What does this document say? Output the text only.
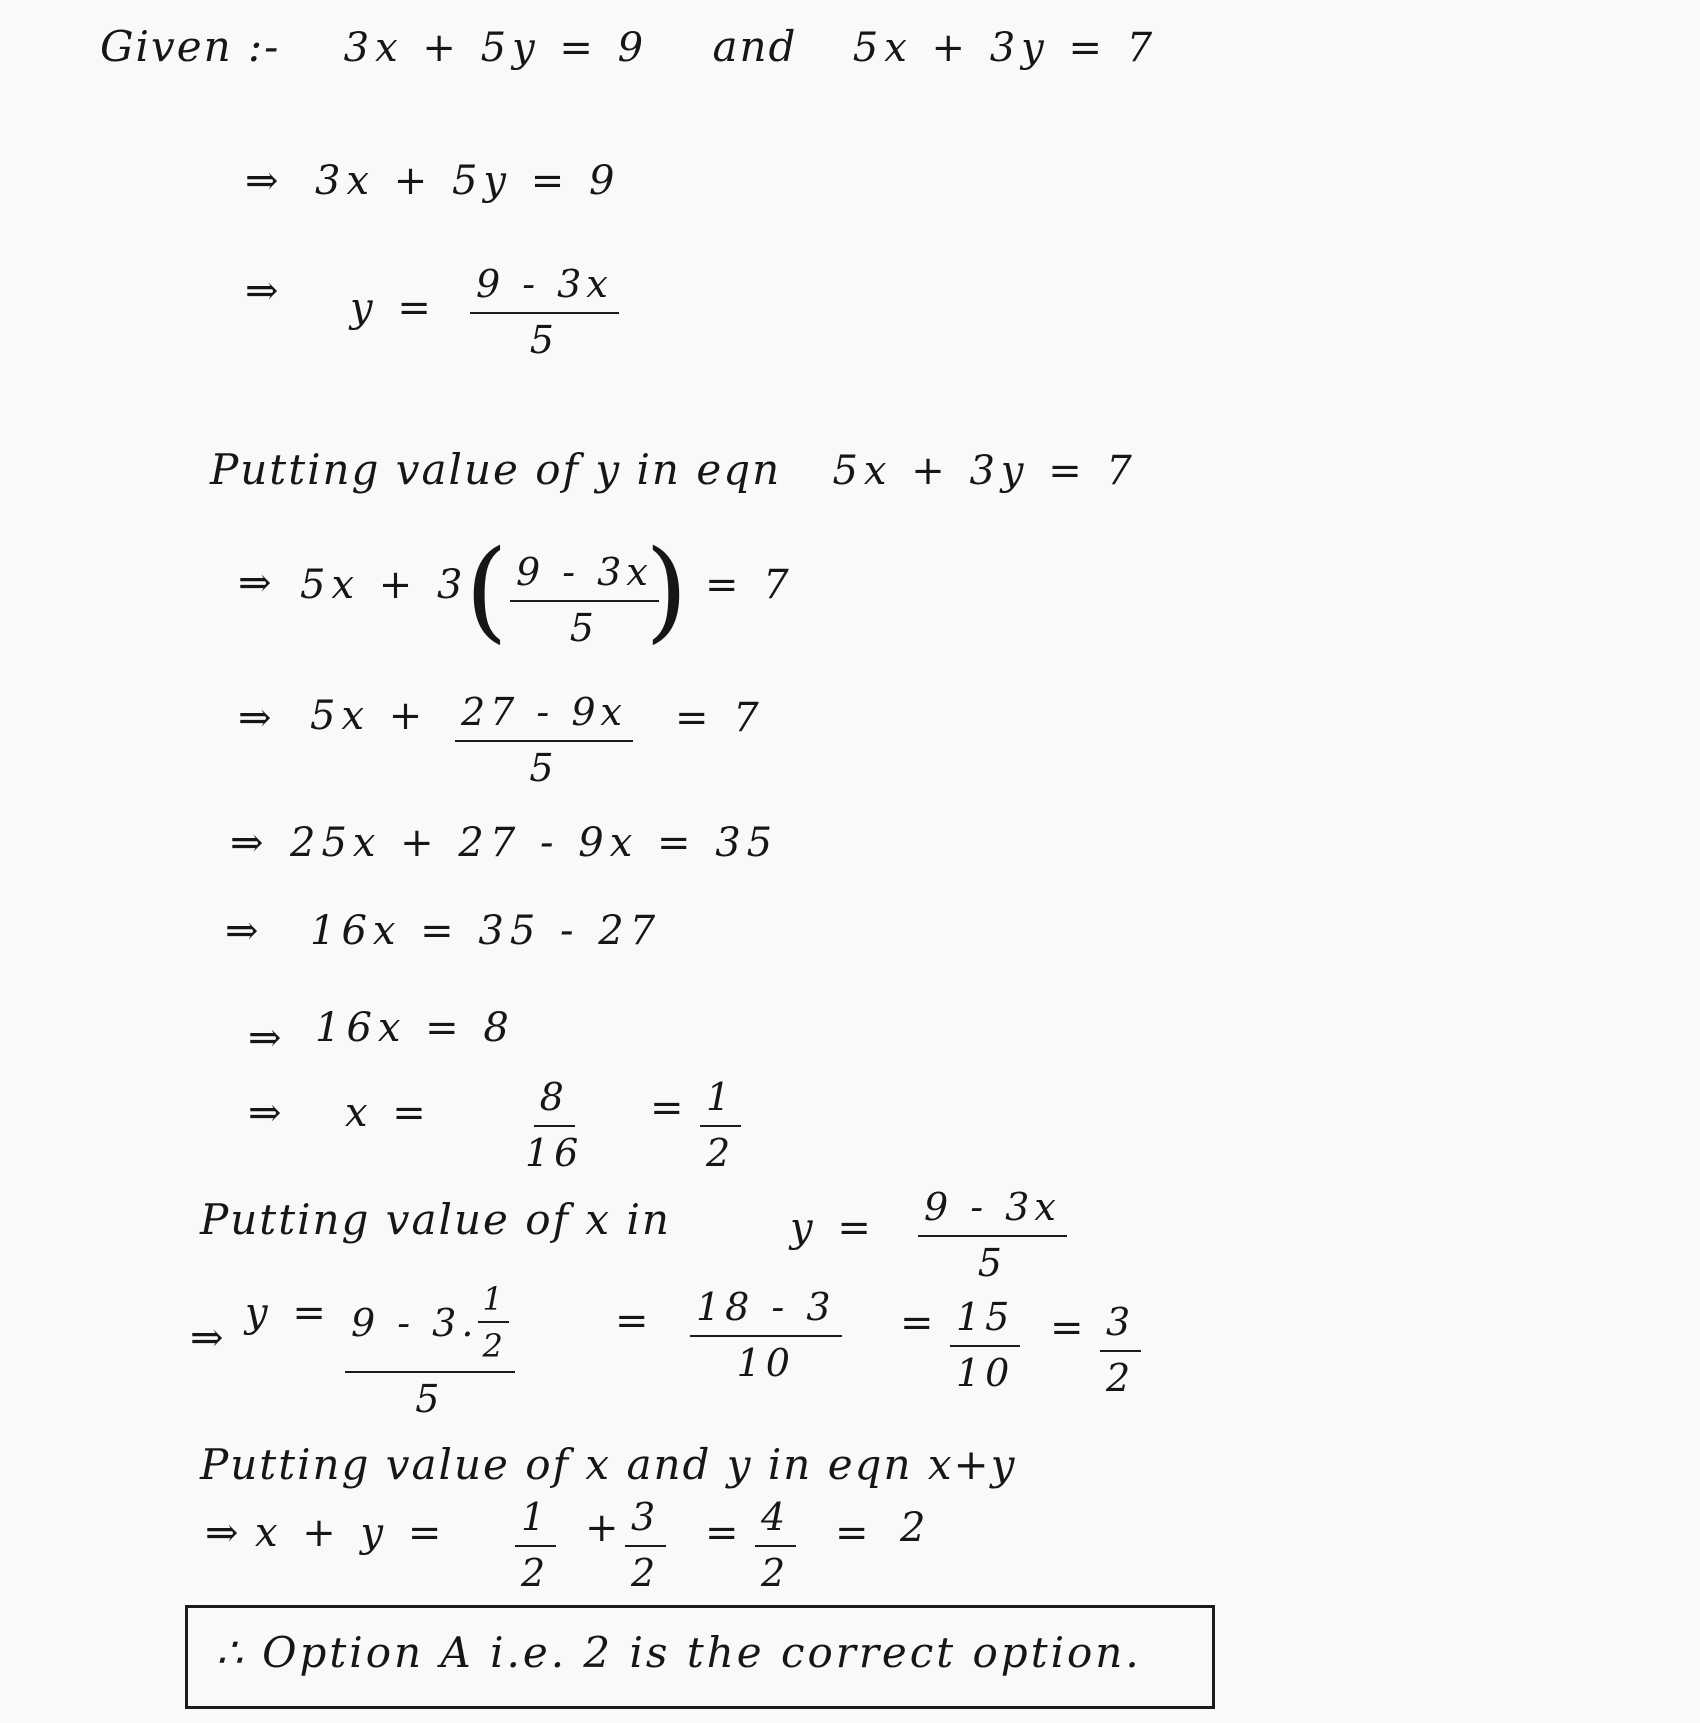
Given :- 3x + 5y = 9 and 5x + 3y = 7
⇒ 3x + 5y = 9
⇒ $y = \frac{9 - 3x}{5}$
Putting value of y in eqn 5x + 3y = 7
⇒ 5x + 3
( $\frac{9 - 3x}{5}$
) = 7
⇒ $5x + \frac{27 - 9x}{5} = 7$
⇒ 25x + 27 - 9x = 35
⇒ 16x = 35 - 27
⇒ 16x = 8
⇒ $x = \frac{8}{16} = \frac{1}{2}$
Putting value of x in	$y = \frac{9 - 3x}{5}$
⇒
$y = \frac{9 - 3. \frac{1}{2}}{5}$	= $\frac{18 - 3}{10} = \frac{15}{10} = \frac{3}{2}$
Putting value of x and y in eqn x+y
⇒ $x + y = \frac{1}{2} + \frac{3}{2} = \frac{4}{2} = 2$
∴ Option A i.e. 2 is the correct option.
